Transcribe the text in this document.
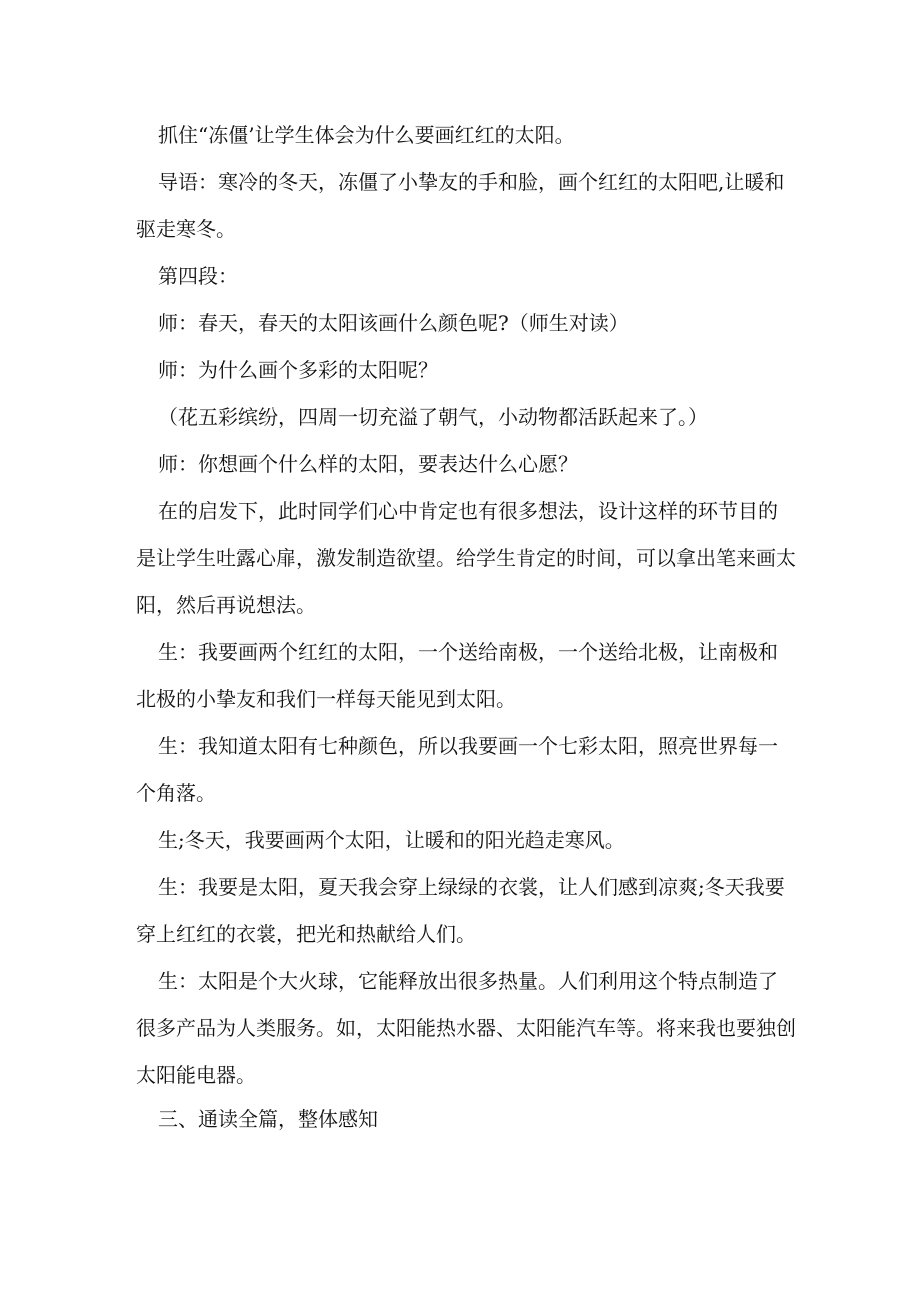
抓住“冻僵’让学生体会为什么要画红红的太阳。

导语：寒冷的冬天，冻僵了小挚友的手和脸，画个红红的太阳吧,让暖和驱走寒冬。

第四段：

师：春天，春天的太阳该画什么颜色呢?（师生对读）

师：为什么画个多彩的太阳呢？

（花五彩缤纷，四周一切充溢了朝气，小动物都活跃起来了。）

师：你想画个什么样的太阳，要表达什么心愿？

在的启发下，此时同学们心中肯定也有很多想法，设计这样的环节目的是让学生吐露心扉，激发制造欲望。给学生肯定的时间，可以拿出笔来画太阳，然后再说想法。

生：我要画两个红红的太阳，一个送给南极，一个送给北极，让南极和北极的小挚友和我们一样每天能见到太阳。

生：我知道太阳有七种颜色，所以我要画一个七彩太阳，照亮世界每一个角落。

生;冬天，我要画两个太阳，让暖和的阳光趋走寒风。

生：我要是太阳，夏天我会穿上绿绿的衣裳，让人们感到凉爽;冬天我要穿上红红的衣裳，把光和热献给人们。

生：太阳是个大火球，它能释放出很多热量。人们利用这个特点制造了很多产品为人类服务。如，太阳能热水器、太阳能汽车等。将来我也要独创太阳能电器。

三、通读全篇，整体感知
